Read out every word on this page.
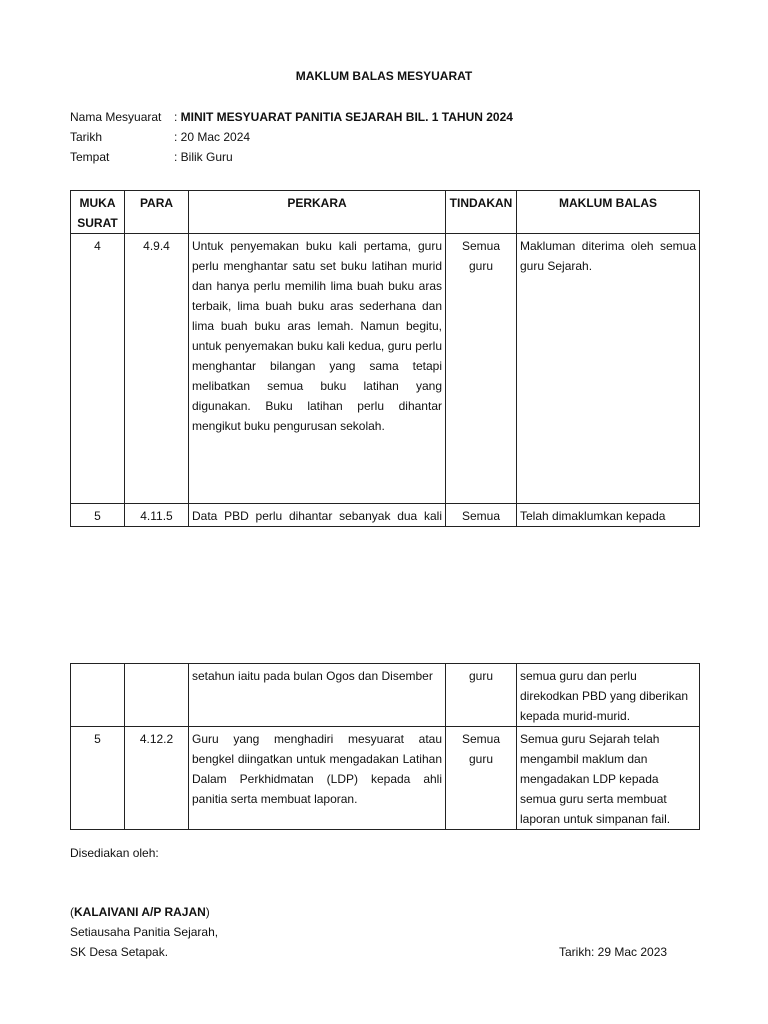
MAKLUM BALAS MESYUARAT
Nama Mesyuarat	: MINIT MESYUARAT PANITIA SEJARAH BIL. 1 TAHUN 2024
Tarikh	: 20 Mac 2024
Tempat	: Bilik Guru
MUKA SURAT	PARA	PERKARA	TINDAKAN	MAKLUM BALAS
4	4.9.4	Untuk penyemakan buku kali pertama, guru perlu menghantar satu set buku latihan murid dan hanya perlu memilih lima buah buku aras terbaik, lima buah buku aras sederhana dan lima buah buku aras lemah. Namun begitu, untuk penyemakan buku kali kedua, guru perlu menghantar bilangan yang sama tetapi melibatkan semua buku latihan yang digunakan. Buku latihan perlu dihantar mengikut buku pengurusan sekolah.	Semua guru	Makluman diterima oleh semua guru Sejarah.
5	4.11.5	Data PBD perlu dihantar sebanyak dua kali	Semua	Telah dimaklumkan kepada
		setahun iaitu pada bulan Ogos dan Disember	guru	semua guru dan perlu direkodkan PBD yang diberikan kepada murid-murid.
5	4.12.2	Guru yang menghadiri mesyuarat atau bengkel diingatkan untuk mengadakan Latihan Dalam Perkhidmatan (LDP) kepada ahli panitia serta membuat laporan.	Semua guru	Semua guru Sejarah telah mengambil maklum dan mengadakan LDP kepada semua guru serta membuat laporan untuk simpanan fail.
Disediakan oleh:
(KALAIVANI A/P RAJAN)
Setiausaha Panitia Sejarah,
SK Desa Setapak.	Tarikh: 29 Mac 2023
